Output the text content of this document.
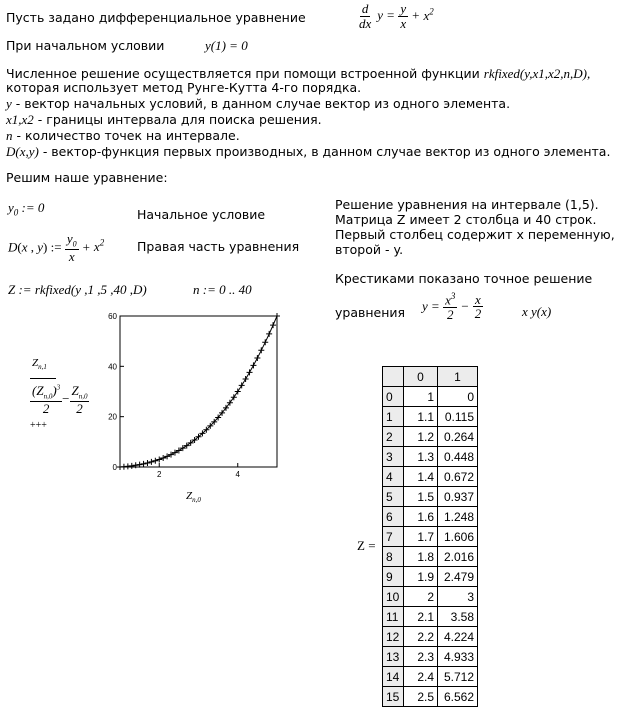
Пусть задано дифференциальное уравнение	$\frac{d}{dx}$ $y = \frac{y}{x} + x^2$
При начальном условии	y(1) = 0
Численное решение осуществляется при помощи встроенной функции rkfixed(y,x1,x2,n,D),
которая использует метод Рунге-Кутта 4-го порядка.
y - вектор начальных условий, в данном случае вектор из одного элемента.
x1,x2 - границы интервала для поиска решения.
n - количество точек на интервале.
D(x,y) - вектор-функция первых производных, в данном случае вектор из одного элемента.
Решим наше уравнение:
$y_0$ := 0	Начальное условие
D(x , y) := $\frac{y_0}{x} + x^2$	Правая часть уравнения
Z := rkfixed(y ,1 ,5 ,40 ,D)	n := 0 .. 40
Решение уравнения на интервале (1,5).
Матрица Z имеет 2 столбца и 40 строк.
Первый столбец содержит x переменную,
второй - y.
Крестиками показано точное решение
уравнения $y = \frac{x^3}{2} - \frac{x}{2}$	x y(x)
$Z_{n,1}$
$\frac{(Z_{n,0})^3}{2} - \frac{Z_{n,0}}{2}$
+++
0
20
40
60
2	4
$Z_{n,0}$
Z =
	0	1
0	1	0
1	1.1	0.115
2	1.2	0.264
3	1.3	0.448
4	1.4	0.672
5	1.5	0.937
6	1.6	1.248
7	1.7	1.606
8	1.8	2.016
9	1.9	2.479
10	2	3
11	2.1	3.58
12	2.2	4.224
13	2.3	4.933
14	2.4	5.712
15	2.5	6.562
